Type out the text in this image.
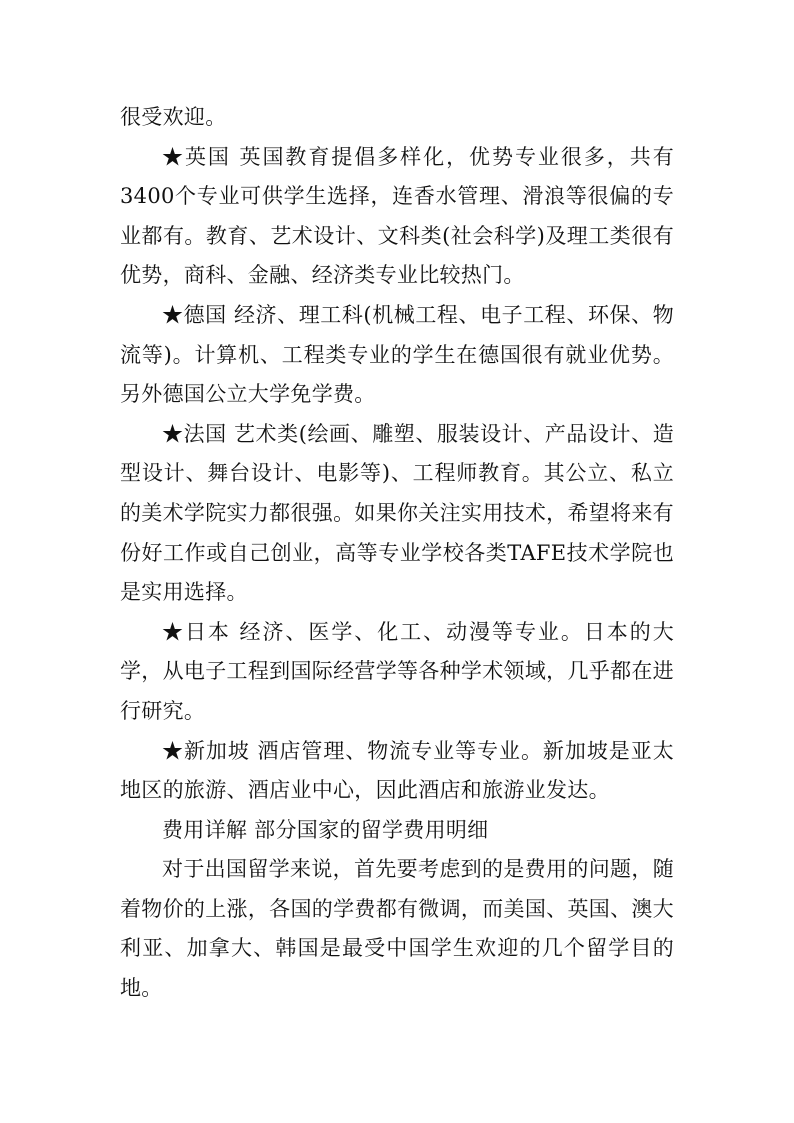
很受欢迎。

★英国 英国教育提倡多样化，优势专业很多，共有3400个专业可供学生选择，连香水管理、滑浪等很偏的专业都有。教育、艺术设计、文科类(社会科学)及理工类很有优势，商科、金融、经济类专业比较热门。

★德国 经济、理工科(机械工程、电子工程、环保、物流等)。计算机、工程类专业的学生在德国很有就业优势。另外德国公立大学免学费。

★法国 艺术类(绘画、雕塑、服装设计、产品设计、造型设计、舞台设计、电影等)、工程师教育。其公立、私立的美术学院实力都很强。如果你关注实用技术，希望将来有份好工作或自己创业，高等专业学校各类TAFE技术学院也是实用选择。

★日本 经济、医学、化工、动漫等专业。日本的大学，从电子工程到国际经营学等各种学术领域，几乎都在进行研究。

★新加坡 酒店管理、物流专业等专业。新加坡是亚太地区的旅游、酒店业中心，因此酒店和旅游业发达。

费用详解 部分国家的留学费用明细

对于出国留学来说，首先要考虑到的是费用的问题，随着物价的上涨，各国的学费都有微调，而美国、英国、澳大利亚、加拿大、韩国是最受中国学生欢迎的几个留学目的地。
